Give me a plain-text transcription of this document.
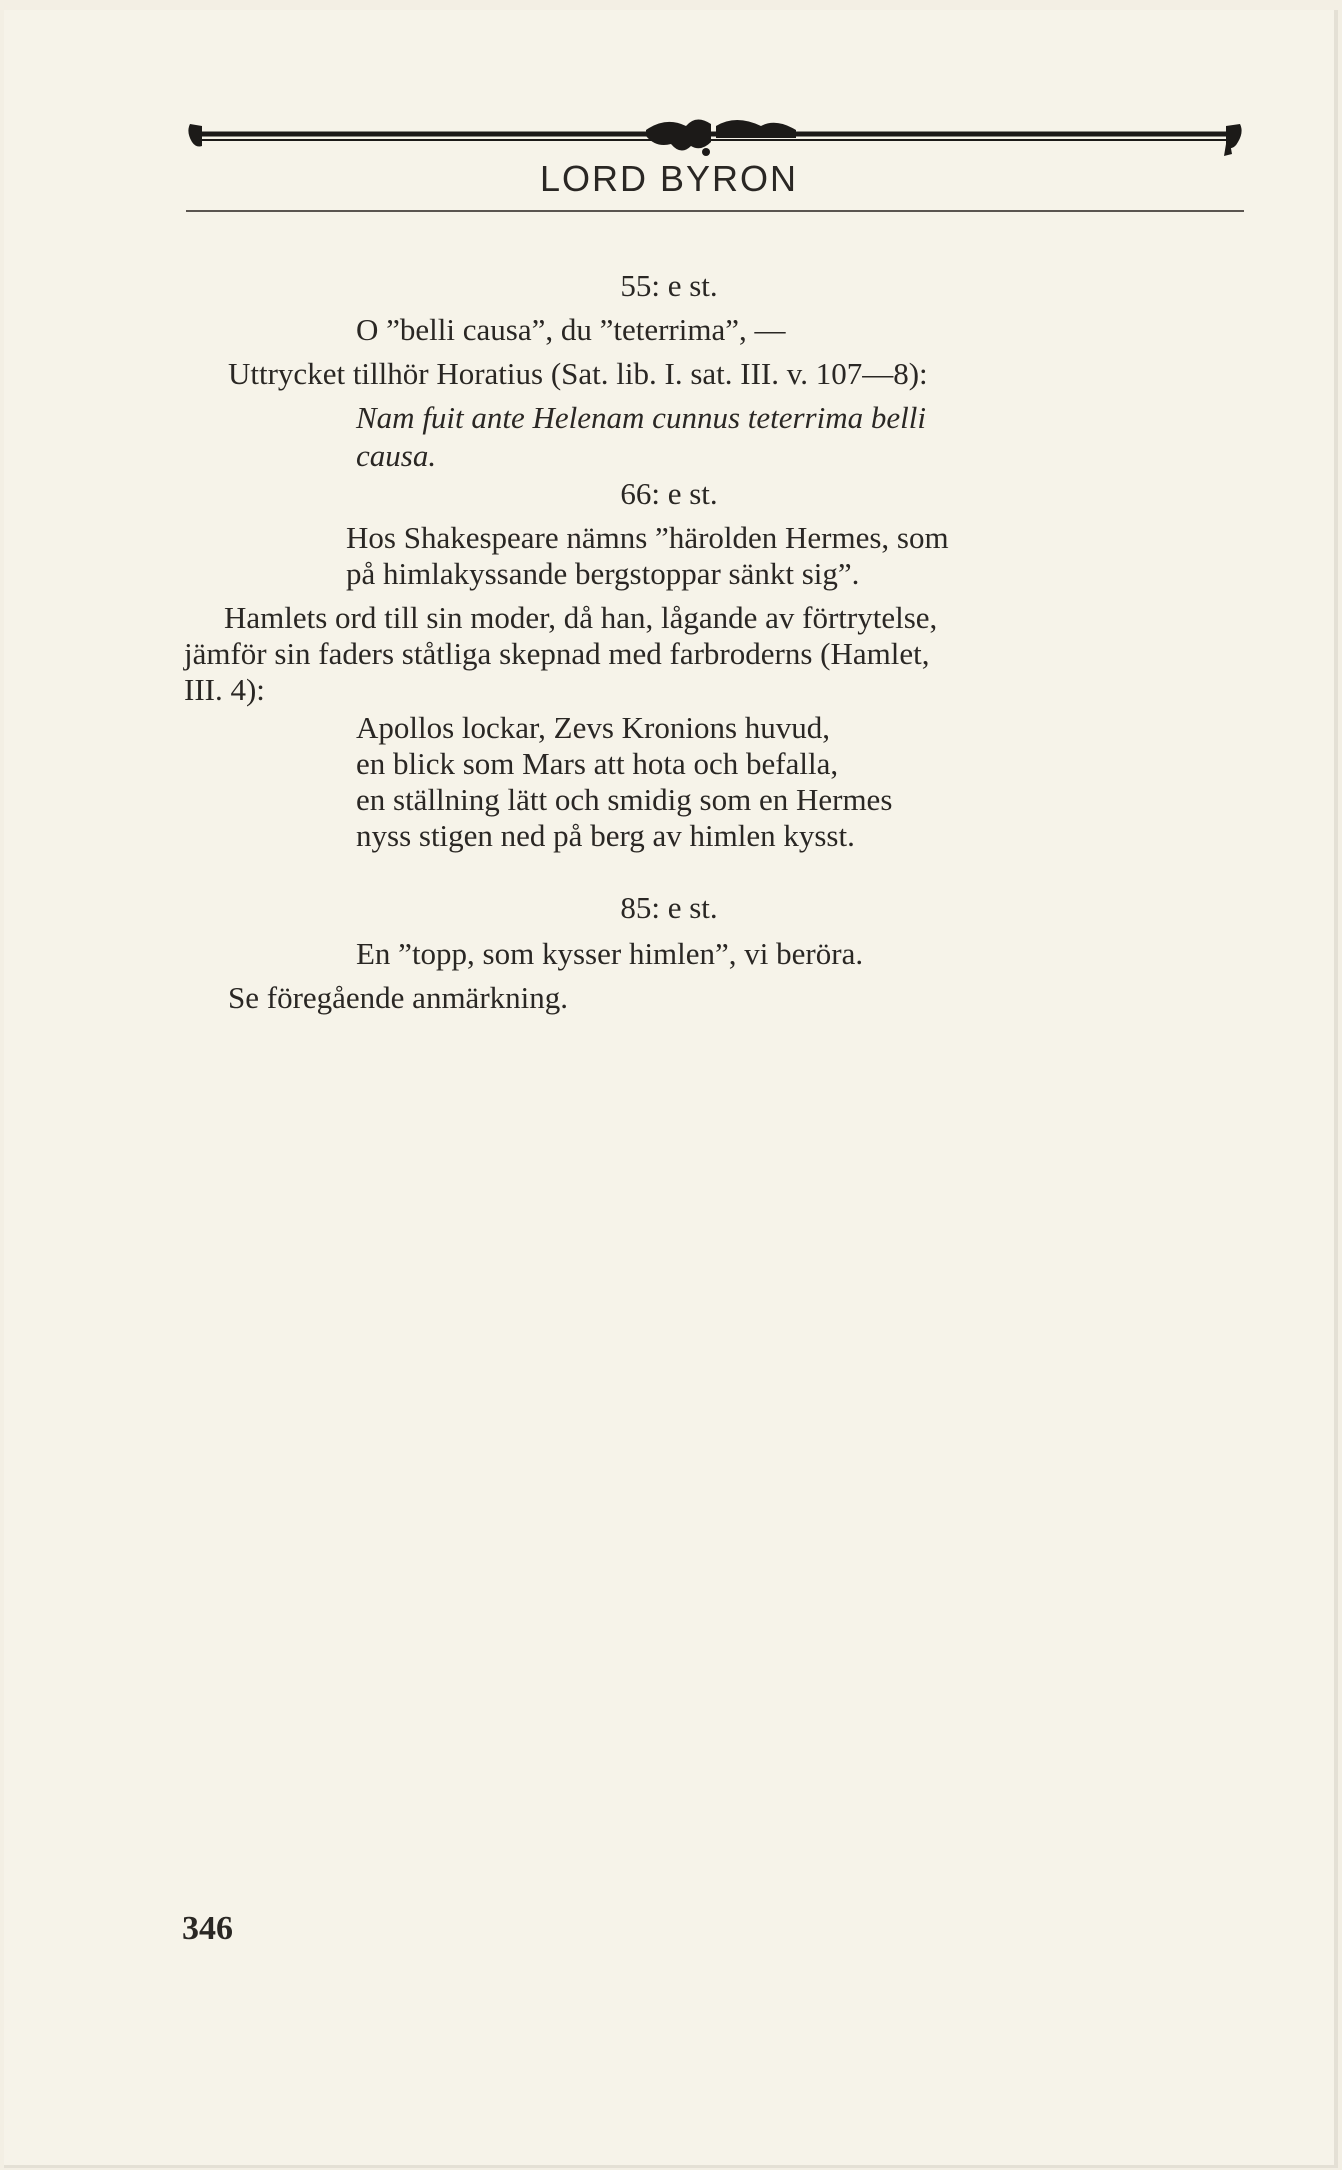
LORD BYRON
55: e st.
O ”belli causa”, du ”teterrima”, —
Uttrycket tillhör Horatius (Sat. lib. I. sat. III. v. 107—8):
Nam fuit ante Helenam cunnus teterrima belli
causa.
66: e st.
Hos Shakespeare nämns ”härolden Hermes, som
på himlakyssande bergstoppar sänkt sig”.
Hamlets ord till sin moder, då han, lågande av förtrytelse,
jämför sin faders ståtliga skepnad med farbroderns (Hamlet,
III. 4):
Apollos lockar, Zevs Kronions huvud,
en blick som Mars att hota och befalla,
en ställning lätt och smidig som en Hermes
nyss stigen ned på berg av himlen kysst.
85: e st.
En ”topp, som kysser himlen”, vi beröra.
Se föregående anmärkning.
346
